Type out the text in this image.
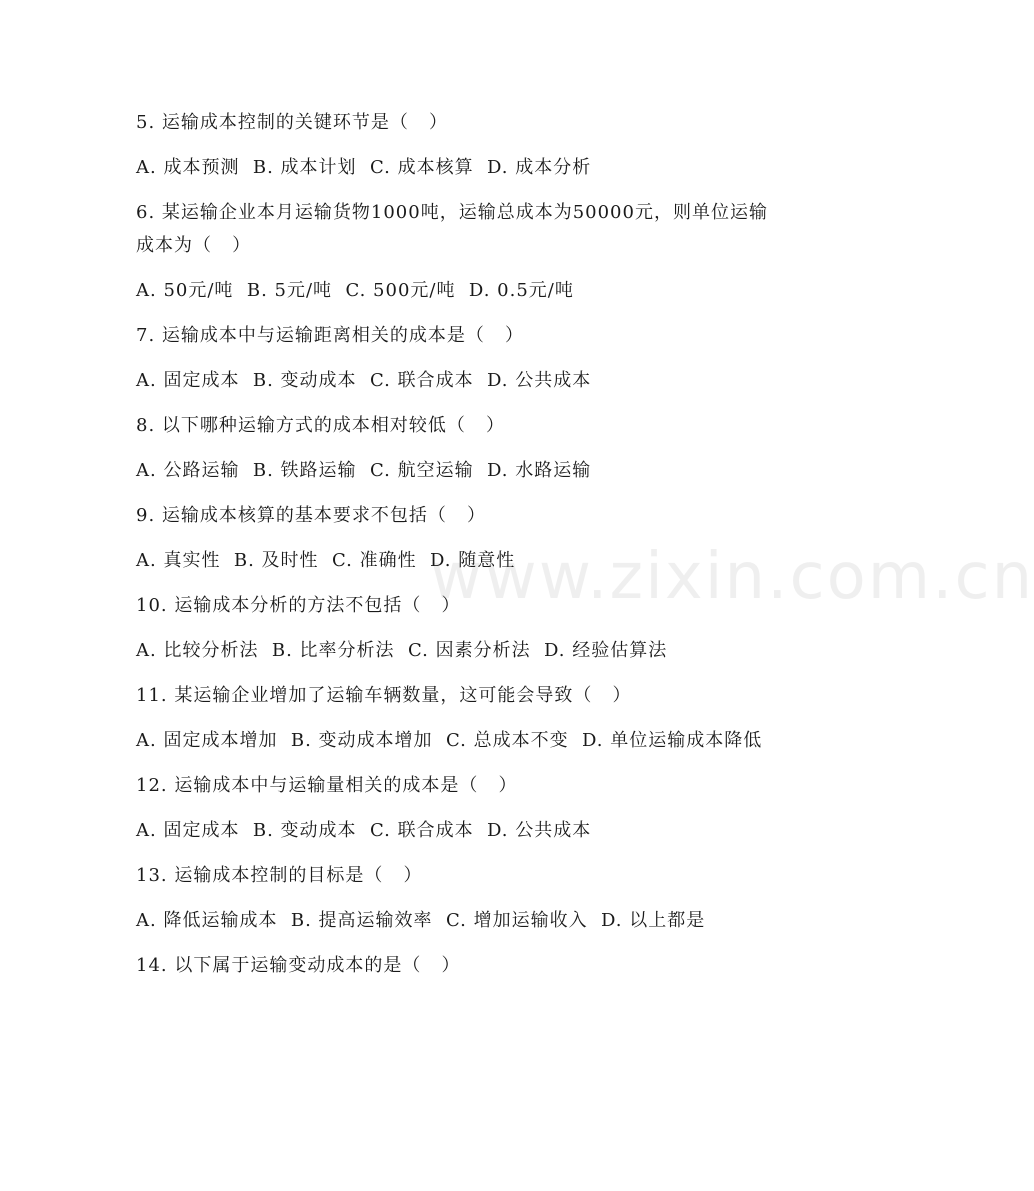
www.zixin.com.cn

5. 运输成本控制的关键环节是（   ）

A. 成本预测  B. 成本计划  C. 成本核算  D. 成本分析

6. 某运输企业本月运输货物1000吨，运输总成本为50000元，则单位运输成本为（   ）

A. 50元/吨  B. 5元/吨  C. 500元/吨  D. 0.5元/吨

7. 运输成本中与运输距离相关的成本是（   ）

A. 固定成本  B. 变动成本  C. 联合成本  D. 公共成本

8. 以下哪种运输方式的成本相对较低（   ）

A. 公路运输  B. 铁路运输  C. 航空运输  D. 水路运输

9. 运输成本核算的基本要求不包括（   ）

A. 真实性  B. 及时性  C. 准确性  D. 随意性

10. 运输成本分析的方法不包括（   ）

A. 比较分析法  B. 比率分析法  C. 因素分析法  D. 经验估算法

11. 某运输企业增加了运输车辆数量，这可能会导致（   ）

A. 固定成本增加  B. 变动成本增加  C. 总成本不变  D. 单位运输成本降低

12. 运输成本中与运输量相关的成本是（   ）

A. 固定成本  B. 变动成本  C. 联合成本  D. 公共成本

13. 运输成本控制的目标是（   ）

A. 降低运输成本  B. 提高运输效率  C. 增加运输收入  D. 以上都是

14. 以下属于运输变动成本的是（   ）
